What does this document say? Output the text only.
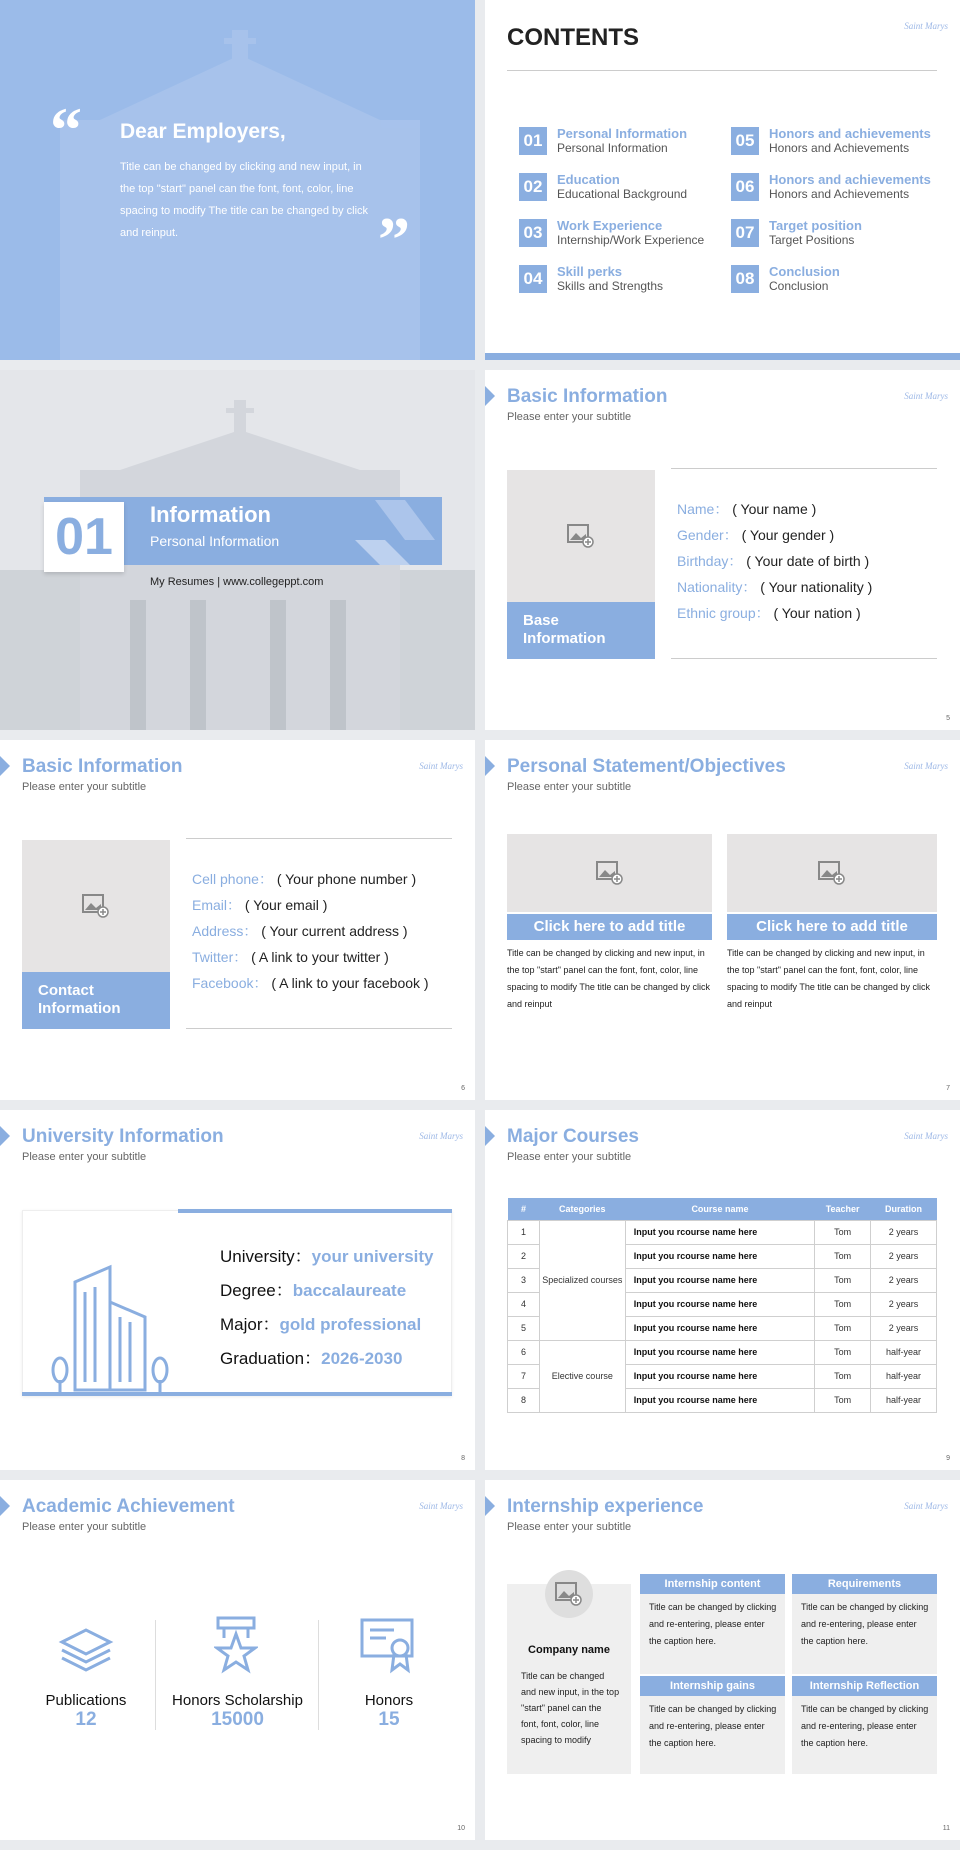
“ Dear Employers,
Title can be changed by clicking and new input, in the top "start" panel can the font, font, color, line spacing to modify The title can be changed by click and reinput.	”
CONTENTS	Saint Marys
01	Personal Information
Personal Information
02	Education
Educational Background
03	Work Experience
Internship/Work Experience
04	Skill perks
Skills and Strengths
05	Honors and achievements
Honors and Achievements
06	Honors and achievements
Honors and Achievements
07	Target position
Target Positions
08	Conclusion
Conclusion
01	Information
Personal Information
My Resumes | www.collegeppt.com
Basic Information
Please enter your subtitle
Saint Marys
Base Information
Name： ( Your name )
Gender： ( Your gender )
Birthday： ( Your date of birth )
Nationality： ( Your nationality )
Ethnic group： ( Your nation )
5
Basic Information
Please enter your subtitle
Saint Marys
Contact Information
Cell phone： ( Your phone number )
Email： ( Your email )
Address： ( Your current address )
Twitter： ( A link to your twitter )
Facebook： ( A link to your facebook )
6
Personal Statement/Objectives
Please enter your subtitle
Saint Marys
Click here to add title
Title can be changed by clicking and new input, in the top "start" panel can the font, font, color, line spacing to modify The title can be changed by click and reinput
Click here to add title
Title can be changed by clicking and new input, in the top "start" panel can the font, font, color, line spacing to modify The title can be changed by click and reinput
7
University Information
Please enter your subtitle
Saint Marys
University：your university
Degree：baccalaureate
Major：gold professional
Graduation：2026-2030
8
Major Courses
Please enter your subtitle
Saint Marys
#	Categories	Course name	Teacher	Duration
1	Specialized courses	Input you rcourse name here	Tom	2 years
2		Input you rcourse name here	Tom	2 years
3		Input you rcourse name here	Tom	2 years
4		Input you rcourse name here	Tom	2 years
5		Input you rcourse name here	Tom	2 years
6	Elective course	Input you rcourse name here	Tom	half-year
7		Input you rcourse name here	Tom	half-year
8		Input you rcourse name here	Tom	half-year
9
Academic Achievement
Please enter your subtitle
Saint Marys
Publications
12
Honors Scholarship
15000
Honors
15
10
Internship experience
Please enter your subtitle
Saint Marys
Company name
Title can be changed and new input, in the top "start" panel can the font, font, color, line spacing to modify
Internship content
Title can be changed by clicking and re-entering, please enter the caption here.
Requirements
Title can be changed by clicking and re-entering, please enter the caption here.
Internship gains
Title can be changed by clicking and re-entering, please enter the caption here.
Internship Reflection
Title can be changed by clicking and re-entering, please enter the caption here.
11
